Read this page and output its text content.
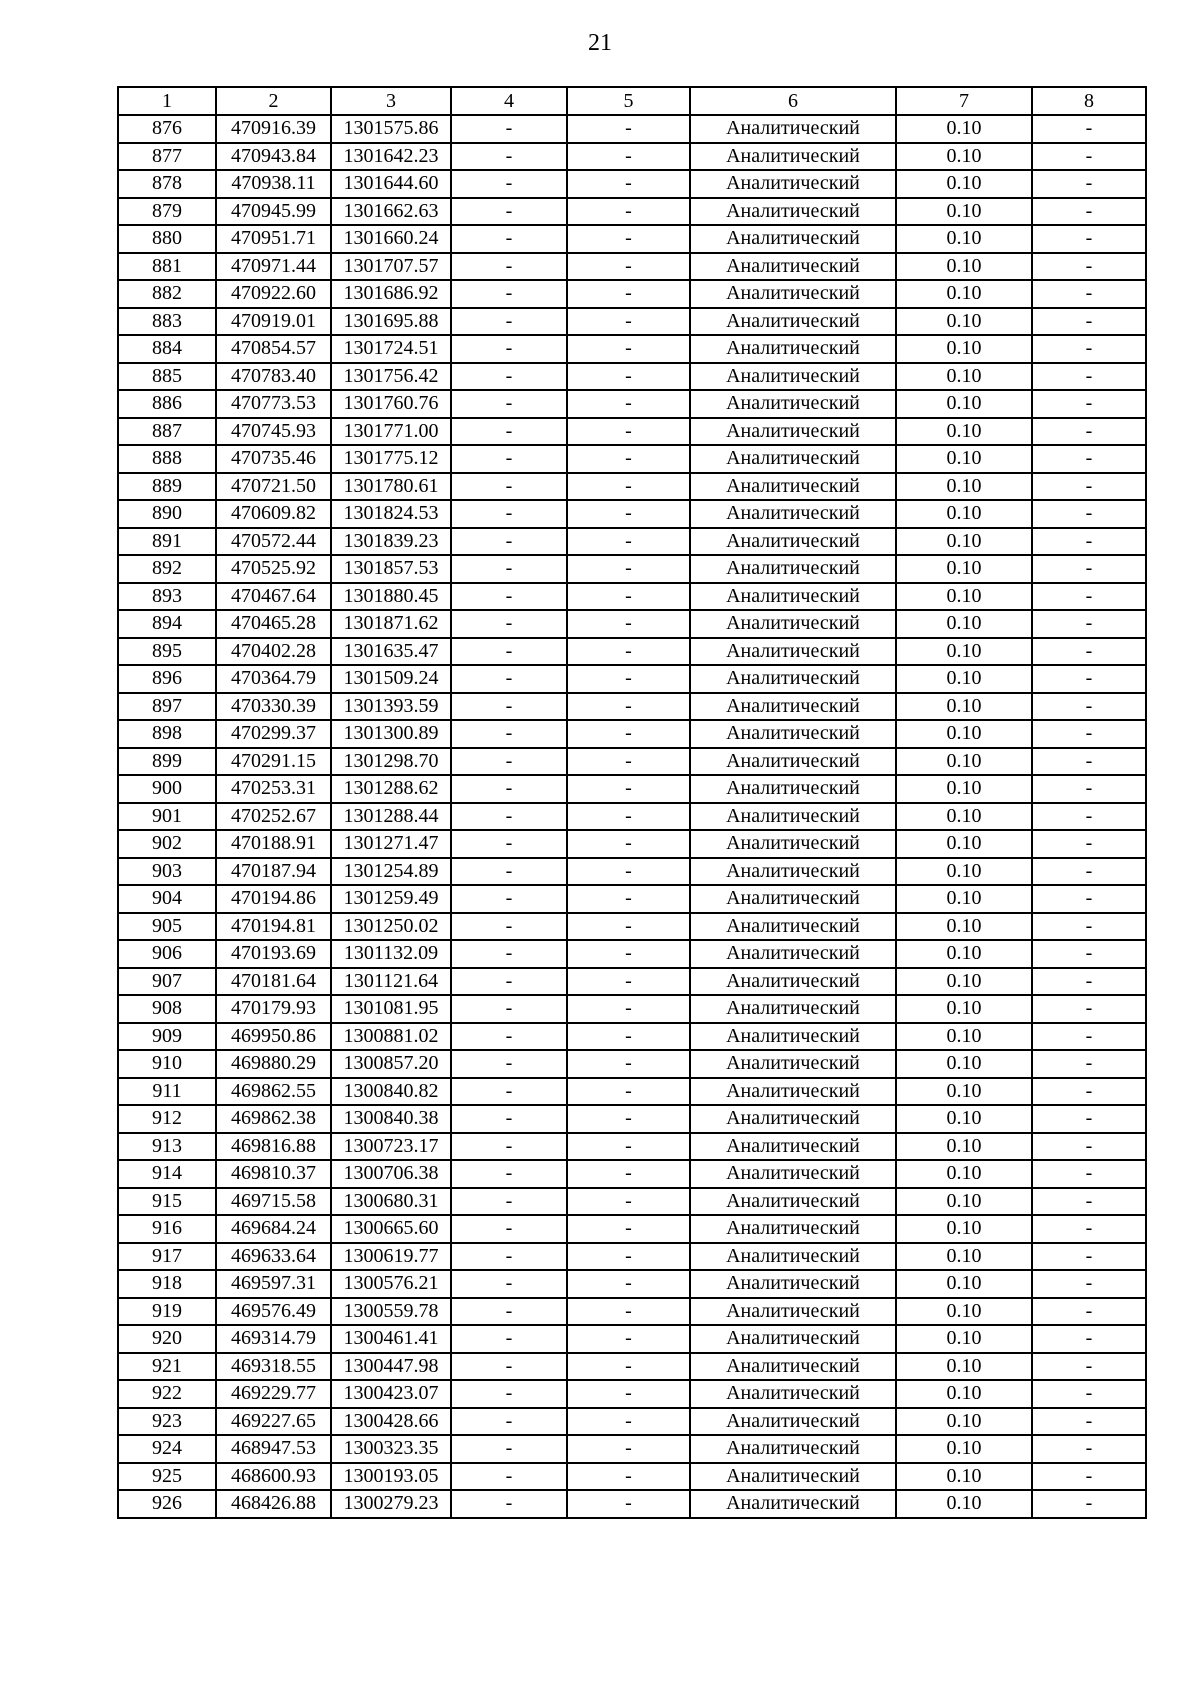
21
1	2	3	4	5	6	7	8
876	470916.39	1301575.86	-	-	Аналитический	0.10	-
877	470943.84	1301642.23	-	-	Аналитический	0.10	-
878	470938.11	1301644.60	-	-	Аналитический	0.10	-
879	470945.99	1301662.63	-	-	Аналитический	0.10	-
880	470951.71	1301660.24	-	-	Аналитический	0.10	-
881	470971.44	1301707.57	-	-	Аналитический	0.10	-
882	470922.60	1301686.92	-	-	Аналитический	0.10	-
883	470919.01	1301695.88	-	-	Аналитический	0.10	-
884	470854.57	1301724.51	-	-	Аналитический	0.10	-
885	470783.40	1301756.42	-	-	Аналитический	0.10	-
886	470773.53	1301760.76	-	-	Аналитический	0.10	-
887	470745.93	1301771.00	-	-	Аналитический	0.10	-
888	470735.46	1301775.12	-	-	Аналитический	0.10	-
889	470721.50	1301780.61	-	-	Аналитический	0.10	-
890	470609.82	1301824.53	-	-	Аналитический	0.10	-
891	470572.44	1301839.23	-	-	Аналитический	0.10	-
892	470525.92	1301857.53	-	-	Аналитический	0.10	-
893	470467.64	1301880.45	-	-	Аналитический	0.10	-
894	470465.28	1301871.62	-	-	Аналитический	0.10	-
895	470402.28	1301635.47	-	-	Аналитический	0.10	-
896	470364.79	1301509.24	-	-	Аналитический	0.10	-
897	470330.39	1301393.59	-	-	Аналитический	0.10	-
898	470299.37	1301300.89	-	-	Аналитический	0.10	-
899	470291.15	1301298.70	-	-	Аналитический	0.10	-
900	470253.31	1301288.62	-	-	Аналитический	0.10	-
901	470252.67	1301288.44	-	-	Аналитический	0.10	-
902	470188.91	1301271.47	-	-	Аналитический	0.10	-
903	470187.94	1301254.89	-	-	Аналитический	0.10	-
904	470194.86	1301259.49	-	-	Аналитический	0.10	-
905	470194.81	1301250.02	-	-	Аналитический	0.10	-
906	470193.69	1301132.09	-	-	Аналитический	0.10	-
907	470181.64	1301121.64	-	-	Аналитический	0.10	-
908	470179.93	1301081.95	-	-	Аналитический	0.10	-
909	469950.86	1300881.02	-	-	Аналитический	0.10	-
910	469880.29	1300857.20	-	-	Аналитический	0.10	-
911	469862.55	1300840.82	-	-	Аналитический	0.10	-
912	469862.38	1300840.38	-	-	Аналитический	0.10	-
913	469816.88	1300723.17	-	-	Аналитический	0.10	-
914	469810.37	1300706.38	-	-	Аналитический	0.10	-
915	469715.58	1300680.31	-	-	Аналитический	0.10	-
916	469684.24	1300665.60	-	-	Аналитический	0.10	-
917	469633.64	1300619.77	-	-	Аналитический	0.10	-
918	469597.31	1300576.21	-	-	Аналитический	0.10	-
919	469576.49	1300559.78	-	-	Аналитический	0.10	-
920	469314.79	1300461.41	-	-	Аналитический	0.10	-
921	469318.55	1300447.98	-	-	Аналитический	0.10	-
922	469229.77	1300423.07	-	-	Аналитический	0.10	-
923	469227.65	1300428.66	-	-	Аналитический	0.10	-
924	468947.53	1300323.35	-	-	Аналитический	0.10	-
925	468600.93	1300193.05	-	-	Аналитический	0.10	-
926	468426.88	1300279.23	-	-	Аналитический	0.10	-
